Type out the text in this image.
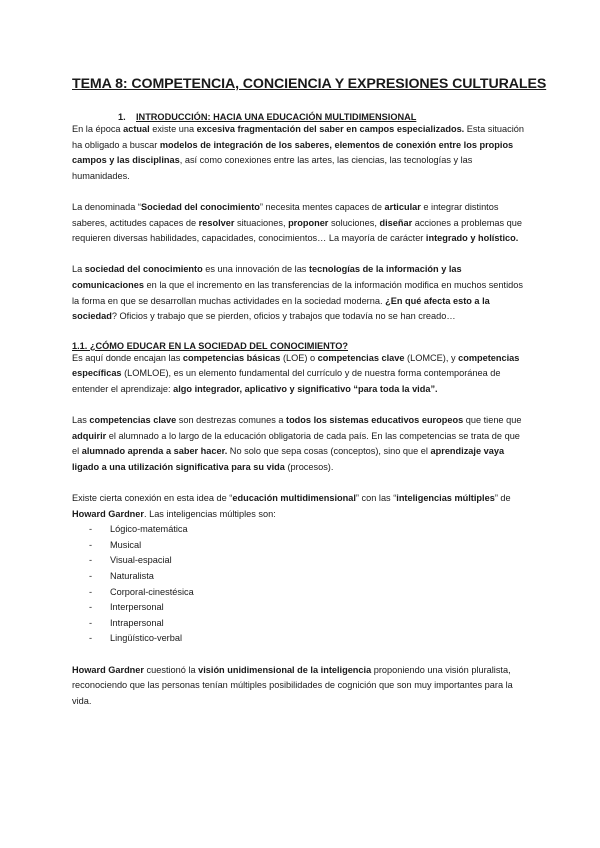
TEMA 8: COMPETENCIA, CONCIENCIA Y EXPRESIONES CULTURALES
1. INTRODUCCIÓN: HACIA UNA EDUCACIÓN MULTIDIMENSIONAL

En la época actual existe una excesiva fragmentación del saber en campos especializados. Esta situación ha obligado a buscar modelos de integración de los saberes, elementos de conexión entre los propios campos y las disciplinas, así como conexiones entre las artes, las ciencias, las tecnologías y las humanidades.

La denominada “Sociedad del conocimiento” necesita mentes capaces de articular e integrar distintos saberes, actitudes capaces de resolver situaciones, proponer soluciones, diseñar acciones a problemas que requieren diversas habilidades, capacidades, conocimientos… La mayoría de carácter integrado y holístico.

La sociedad del conocimiento es una innovación de las tecnologías de la información y las comunicaciones en la que el incremento en las transferencias de la información modifica en muchos sentidos la forma en que se desarrollan muchas actividades en la sociedad moderna. ¿En qué afecta esto a la sociedad? Oficios y trabajo que se pierden, oficios y trabajos que todavía no se han creado…

1.1. ¿CÓMO EDUCAR EN LA SOCIEDAD DEL CONOCIMIENTO?

Es aquí donde encajan las competencias básicas (LOE) o competencias clave (LOMCE), y competencias específicas (LOMLOE), es un elemento fundamental del currículo y de nuestra forma contemporánea de entender el aprendizaje: algo integrador, aplicativo y significativo “para toda la vida”.

Las competencias clave son destrezas comunes a todos los sistemas educativos europeos que tiene que adquirir el alumnado a lo largo de la educación obligatoria de cada país. En las competencias se trata de que el alumnado aprenda a saber hacer. No solo que sepa cosas (conceptos), sino que el aprendizaje vaya ligado a una utilización significativa para su vida (procesos).

Existe cierta conexión en esta idea de “educación multidimensional” con las “inteligencias múltiples” de Howard Gardner. Las inteligencias múltiples son:

- Lógico-matemática
- Musical
- Visual-espacial
- Naturalista
- Corporal-cinestésica
- Interpersonal
- Intrapersonal
- Lingüístico-verbal

Howard Gardner cuestionó la visión unidimensional de la inteligencia proponiendo una visión pluralista, reconociendo que las personas tenían múltiples posibilidades de cognición que son muy importantes para la vida.
